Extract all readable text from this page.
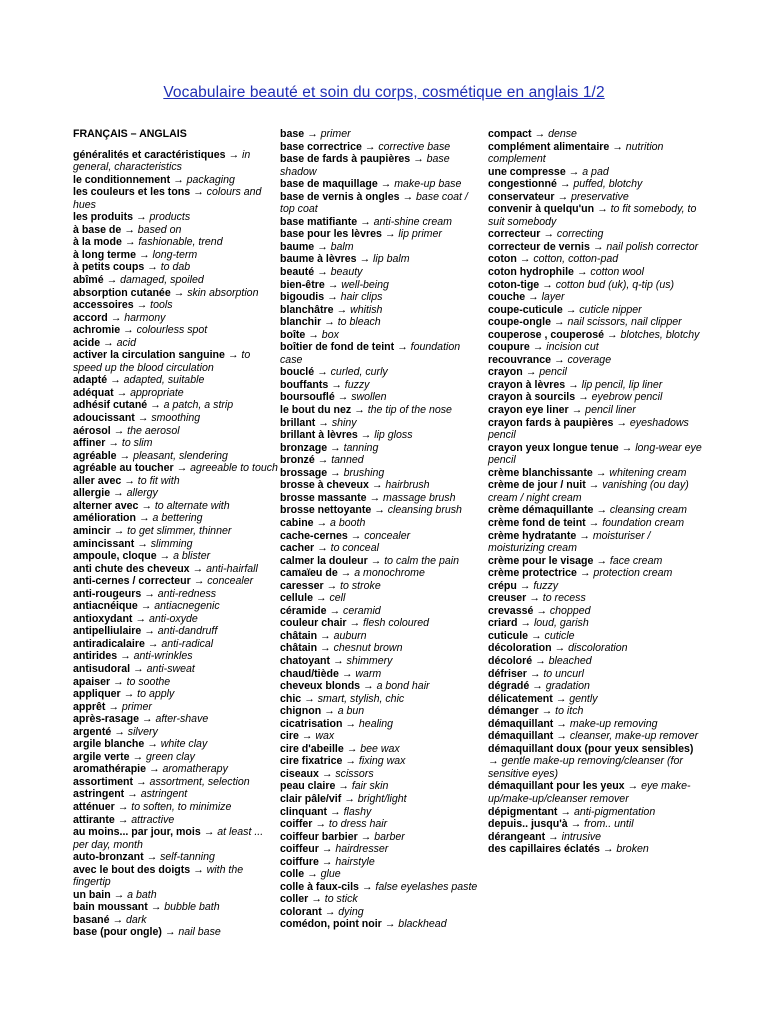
Vocabulaire beauté et soin du corps, cosmétique en anglais 1/2
FRANÇAIS – ANGLAIS
généralités et caractéristiques → in general, characteristics
le conditionnement → packaging
les couleurs et les tons → colours and hues
les produits → products
à base de → based on
à la mode → fashionable, trend
à long terme → long-term
à petits coups → to dab
abîmé → damaged, spoiled
absorption cutanée → skin absorption
accessoires → tools
accord → harmony
achromie → colourless spot
acide → acid
activer la circulation sanguine → to speed up the blood circulation
adapté → adapted, suitable
adéquat → appropriate
adhésif cutané → a patch, a strip
adoucissant → smoothing
aérosol → the aerosol
affiner → to slim
agréable → pleasant, slendering
agréable au toucher → agreeable to touch
aller avec → to fit with
allergie → allergy
alterner avec → to alternate with
amélioration → a bettering
amincir → to get slimmer, thinner
amincissant → slimming
ampoule, cloque → a blister
anti chute des cheveux → anti-hairfall
anti-cernes / correcteur → concealer
anti-rougeurs → anti-redness
antiacnéique → antiacnegenic
antioxydant → anti-oxyde
antipelliulaire → anti-dandruff
antiradicalaire → anti-radical
antirides → anti-wrinkles
antisudoral → anti-sweat
apaiser → to soothe
appliquer → to apply
apprêt → primer
après-rasage → after-shave
argenté → silvery
argile blanche → white clay
argile verte → green clay
aromathérapie → aromatherapy
assortiment → assortment, selection
astringent → astringent
atténuer → to soften, to minimize
attirante → attractive
au moins... par jour, mois → at least ... per day, month
auto-bronzant → self-tanning
avec le bout des doigts → with the fingertip
un bain → a bath
bain moussant → bubble bath
basané → dark
base (pour ongle) → nail base
base → primer
base correctrice → corrective base
base de fards à paupières → base shadow
base de maquillage → make-up base
base de vernis à ongles → base coat / top coat
base matifiante → anti-shine cream
base pour les lèvres → lip primer
baume → balm
baume à lèvres → lip balm
beauté → beauty
bien-être → well-being
bigoudis → hair clips
blanchâtre → whitish
blanchir → to bleach
boîte → box
boîtier de fond de teint → foundation case
bouclé → curled, curly
bouffants → fuzzy
boursouflé → swollen
le bout du nez → the tip of the nose
brillant → shiny
brillant à lèvres → lip gloss
bronzage → tanning
bronzé → tanned
brossage → brushing
brosse à cheveux → hairbrush
brosse massante → massage brush
brosse nettoyante → cleansing brush
cabine → a booth
cache-cernes → concealer
cacher → to conceal
calmer la douleur → to calm the pain
camaïeu de → a monochrome
caresser → to stroke
cellule → cell
céramide → ceramid
couleur chair → flesh coloured
châtain → auburn
châtain → chesnut brown
chatoyant → shimmery
chaud/tiède → warm
cheveux blonds → a bond hair
chic → smart, stylish, chic
chignon → a bun
cicatrisation → healing
cire → wax
cire d'abeille → bee wax
cire fixatrice → fixing wax
ciseaux → scissors
peau claire → fair skin
clair pâle/vif → bright/light
clinquant → flashy
coiffer → to dress hair
coiffeur barbier → barber
coiffeur → hairdresser
coiffure → hairstyle
colle → glue
colle à faux-cils → false eyelashes paste
coller → to stick
colorant → dying
comédon, point noir → blackhead
compact → dense
complément alimentaire → nutrition complement
une compresse → a pad
congestionné → puffed, blotchy
conservateur → preservative
convenir à quelqu'un → to fit somebody, to suit somebody
correcteur → correcting
correcteur de vernis → nail polish corrector
coton → cotton, cotton-pad
coton hydrophile → cotton wool
coton-tige → cotton bud (uk), q-tip (us)
couche → layer
coupe-cuticule → cuticle nipper
coupe-ongle → nail scissors, nail clipper
couperose , couperosé → blotches, blotchy
coupure → incision cut
recouvrance → coverage
crayon → pencil
crayon à lèvres → lip pencil, lip liner
crayon à sourcils → eyebrow pencil
crayon eye liner → pencil liner
crayon fards à paupières → eyeshadows pencil
crayon yeux longue tenue → long-wear eye pencil
crème blanchissante → whitening cream
crème de jour / nuit → vanishing (ou day) cream / night cream
crème démaquillante → cleansing cream
crème fond de teint → foundation cream
crème hydratante → moisturiser / moisturizing cream
crème pour le visage → face cream
crème protectrice → protection cream
crépu → fuzzy
creuser → to recess
crevassé → chopped
criard → loud, garish
cuticule → cuticle
décoloration → discoloration
décoloré → bleached
défriser → to uncurl
dégradé → gradation
délicatement → gently
démanger → to itch
démaquillant → make-up removing
démaquillant → cleanser, make-up remover
démaquillant doux (pour yeux sensibles) → gentle make-up removing/cleanser (for sensitive eyes)
démaquillant pour les yeux → eye make-up/make-up/cleanser remover
dépigmentant → anti-pigmentation
depuis.. jusqu'à → from.. until
dérangeant → intrusive
des capillaires éclatés → broken
